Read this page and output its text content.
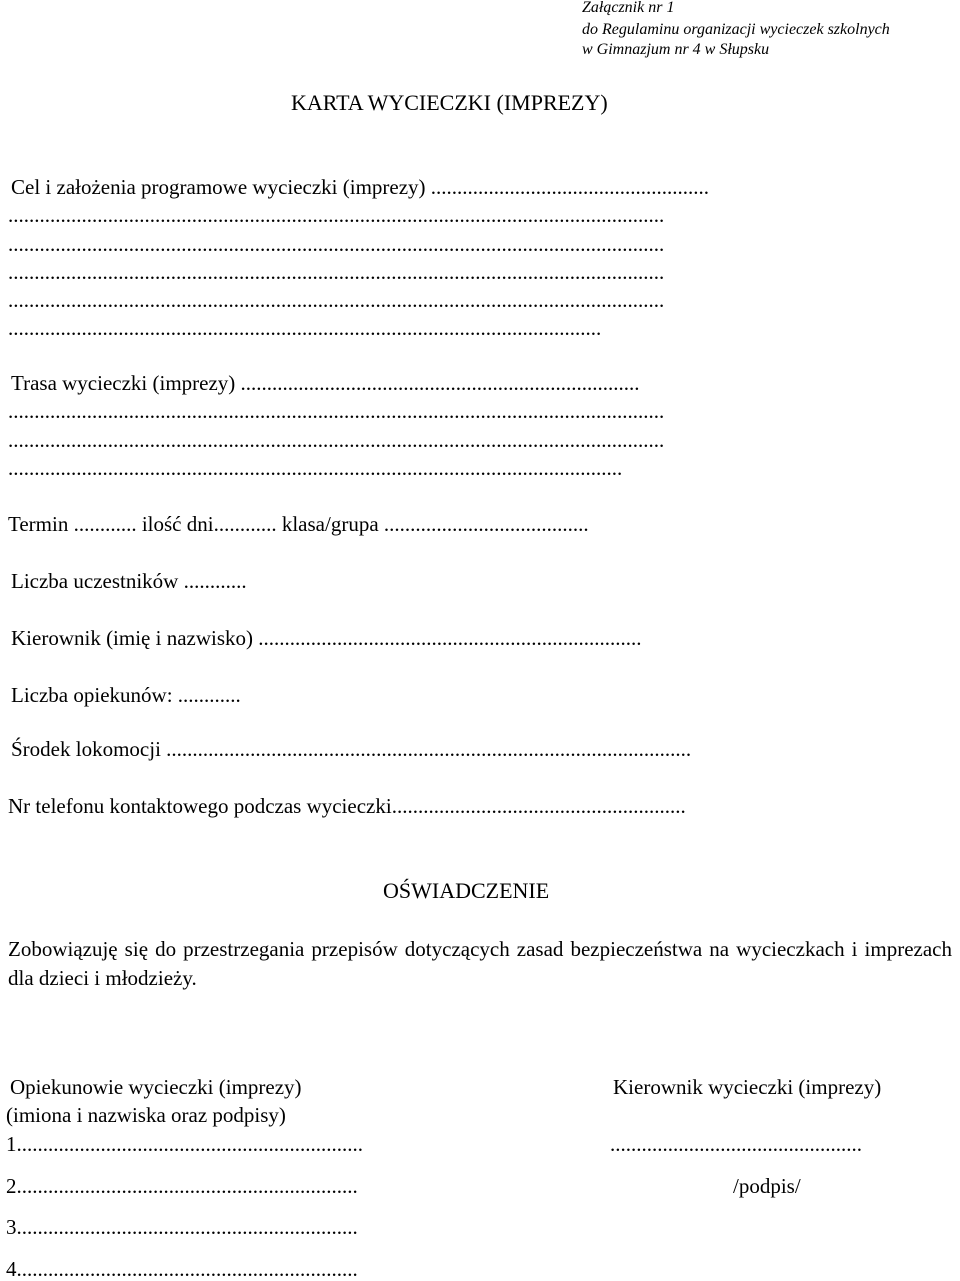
Załącznik nr 1
do Regulaminu organizacji wycieczek szkolnych
w Gimnazjum nr 4 w Słupsku
KARTA WYCIECZKI (IMPREZY)
Cel i założenia programowe wycieczki (imprezy) .....................................................
.............................................................................................................................
.............................................................................................................................
.............................................................................................................................
.............................................................................................................................
.................................................................................................................
Trasa wycieczki (imprezy) ............................................................................
.............................................................................................................................
.............................................................................................................................
.....................................................................................................................
Termin ............ ilość dni............ klasa/grupa .......................................
Liczba uczestników ............
Kierownik (imię i nazwisko) .........................................................................
Liczba opiekunów: ............
Środek lokomocji ....................................................................................................
Nr telefonu kontaktowego podczas wycieczki........................................................
OŚWIADCZENIE
Zobowiązuję się do przestrzegania przepisów dotyczących zasad bezpieczeństwa na wycieczkach i imprezach dla dzieci i młodzieży.
Opiekunowie wycieczki (imprezy)
(imiona i nazwiska oraz podpisy)
1..................................................................
2.................................................................
3.................................................................
4.................................................................
Kierownik wycieczki (imprezy)
................................................
/podpis/
